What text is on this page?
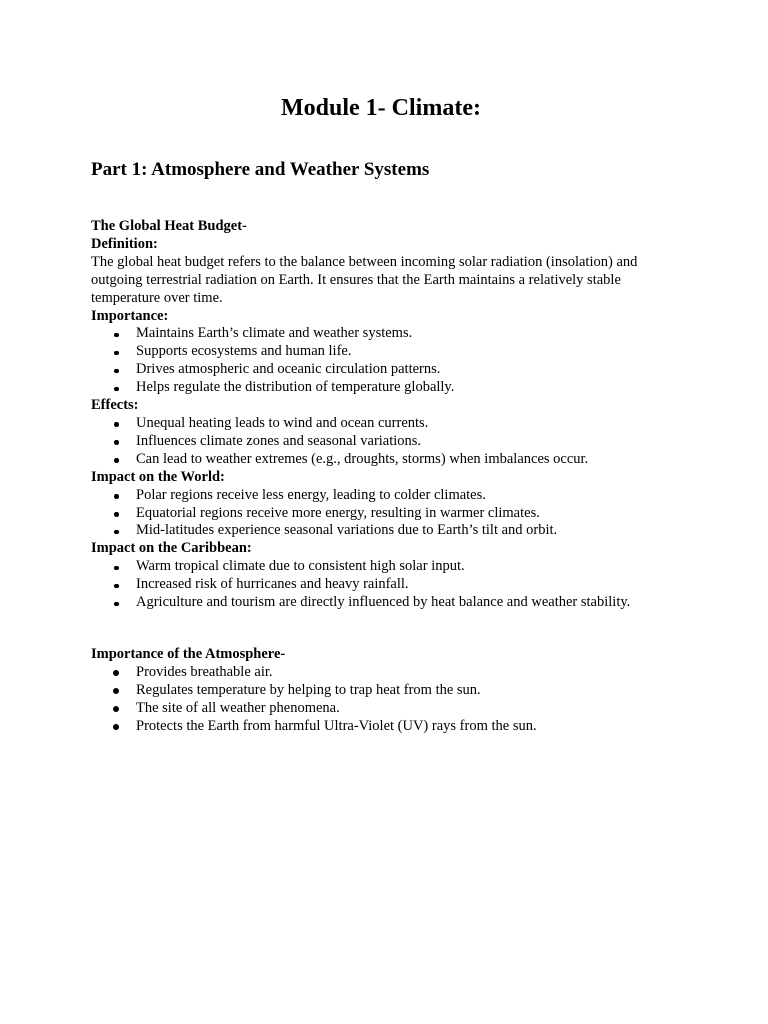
Module 1- Climate:
Part 1: Atmosphere and Weather Systems
The Global Heat Budget-
Definition:
The global heat budget refers to the balance between incoming solar radiation (insolation) and outgoing terrestrial radiation on Earth. It ensures that the Earth maintains a relatively stable temperature over time.
Importance:
Maintains Earth’s climate and weather systems.
Supports ecosystems and human life.
Drives atmospheric and oceanic circulation patterns.
Helps regulate the distribution of temperature globally.
Effects:
Unequal heating leads to wind and ocean currents.
Influences climate zones and seasonal variations.
Can lead to weather extremes (e.g., droughts, storms) when imbalances occur.
Impact on the World:
Polar regions receive less energy, leading to colder climates.
Equatorial regions receive more energy, resulting in warmer climates.
Mid-latitudes experience seasonal variations due to Earth’s tilt and orbit.
Impact on the Caribbean:
Warm tropical climate due to consistent high solar input.
Increased risk of hurricanes and heavy rainfall.
Agriculture and tourism are directly influenced by heat balance and weather stability.
Importance of the Atmosphere-
Provides breathable air.
Regulates temperature by helping to trap heat from the sun.
The site of all weather phenomena.
Protects the Earth from harmful Ultra-Violet (UV) rays from the sun.
